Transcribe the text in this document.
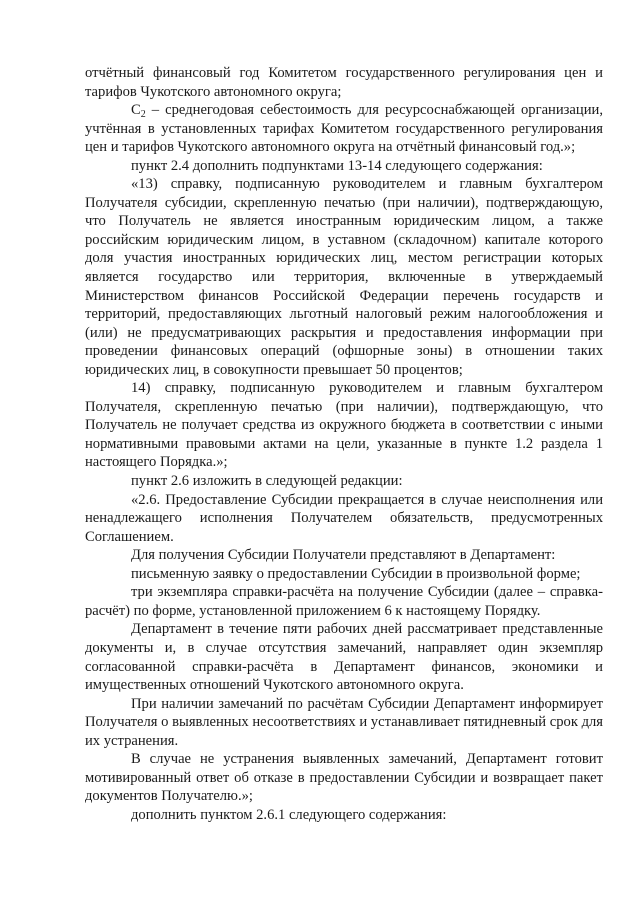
отчётный финансовый год Комитетом государственного регулирования цен и тарифов Чукотского автономного округа;

$C_2$ – среднегодовая себестоимость для ресурсоснабжающей организации, учтённая в установленных тарифах Комитетом государственного регулирования цен и тарифов Чукотского автономного округа на отчётный финансовый год.»;

пункт 2.4 дополнить подпунктами 13-14 следующего содержания:

«13) справку, подписанную руководителем и главным бухгалтером Получателя субсидии, скрепленную печатью (при наличии), подтверждающую, что Получатель не является иностранным юридическим лицом, а также российским юридическим лицом, в уставном (складочном) капитале которого доля участия иностранных юридических лиц, местом регистрации которых является государство или территория, включенные в утверждаемый Министерством финансов Российской Федерации перечень государств и территорий, предоставляющих льготный налоговый режим налогообложения и (или) не предусматривающих раскрытия и предоставления информации при проведении финансовых операций (офшорные зоны) в отношении таких юридических лиц, в совокупности превышает 50 процентов;

14) справку, подписанную руководителем и главным бухгалтером Получателя, скрепленную печатью (при наличии), подтверждающую, что Получатель не получает средства из окружного бюджета в соответствии с иными нормативными правовыми актами на цели, указанные в пункте 1.2 раздела 1 настоящего Порядка.»;

пункт 2.6 изложить в следующей редакции:

«2.6. Предоставление Субсидии прекращается в случае неисполнения или ненадлежащего исполнения Получателем обязательств, предусмотренных Соглашением.

Для получения Субсидии Получатели представляют в Департамент:

письменную заявку о предоставлении Субсидии в произвольной форме;

три экземпляра справки-расчёта на получение Субсидии (далее – справка-расчёт) по форме, установленной приложением 6 к настоящему Порядку.

Департамент в течение пяти рабочих дней рассматривает представленные документы и, в случае отсутствия замечаний, направляет один экземпляр согласованной справки-расчёта в Департамент финансов, экономики и имущественных отношений Чукотского автономного округа.

При наличии замечаний по расчётам Субсидии Департамент информирует Получателя о выявленных несоответствиях и устанавливает пятидневный срок для их устранения.

В случае не устранения выявленных замечаний, Департамент готовит мотивированный ответ об отказе в предоставлении Субсидии и возвращает пакет документов Получателю.»;

дополнить пунктом 2.6.1 следующего содержания:
